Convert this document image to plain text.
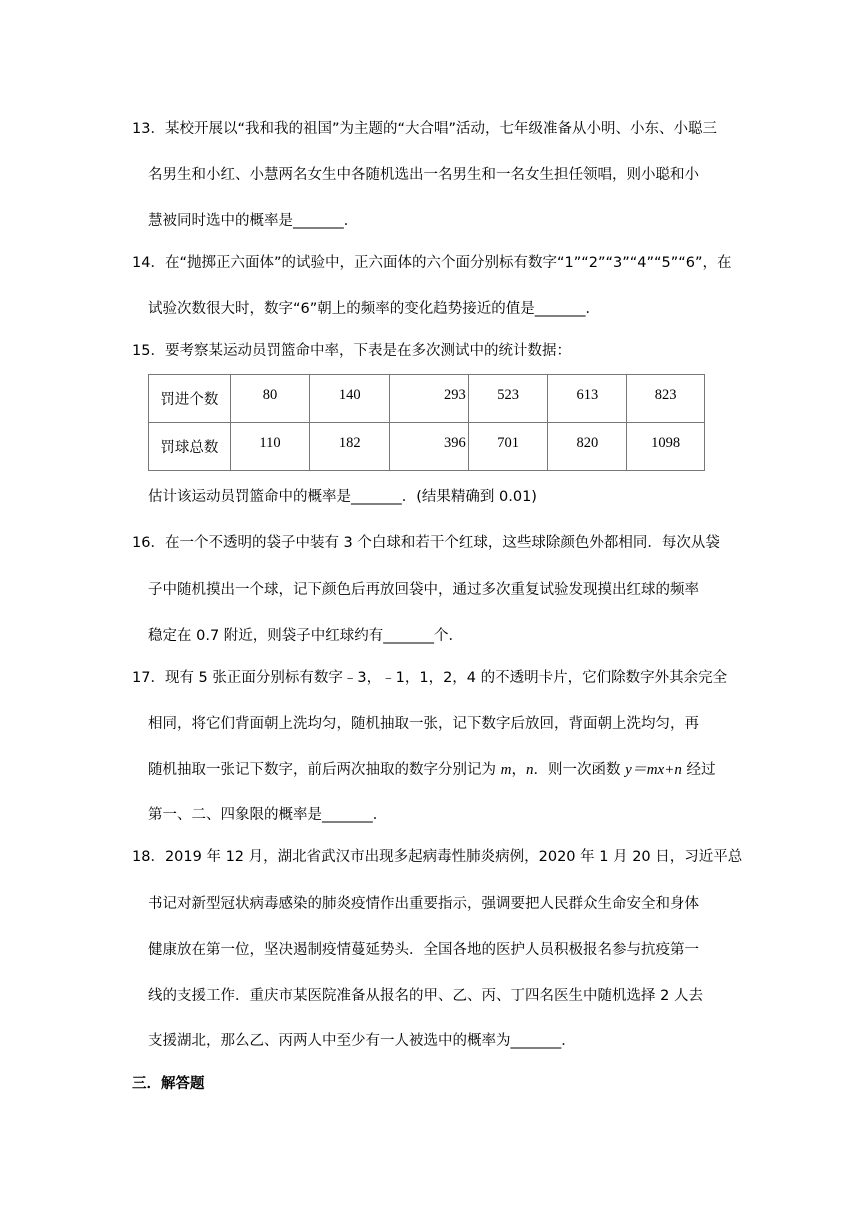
13．某校开展以“我和我的祖国”为主题的“大合唱”活动，七年级准备从小明、小东、小聪三
名男生和小红、小慧两名女生中各随机选出一名男生和一名女生担任领唱，则小聪和小
慧被同时选中的概率是_______．
14．在“抛掷正六面体”的试验中，正六面体的六个面分别标有数字“1”“2”“3”“4”“5”“6”，在
试验次数很大时，数字“6”朝上的频率的变化趋势接近的值是_______．
15．要考察某运动员罚篮命中率，下表是在多次测试中的统计数据：
罚进个数	80	140	293	523	613	823
罚球总数	110	182	396	701	820	1098
估计该运动员罚篮命中的概率是_______．(结果精确到 0.01)
16．在一个不透明的袋子中装有 3 个白球和若干个红球，这些球除颜色外都相同．每次从袋
子中随机摸出一个球，记下颜色后再放回袋中，通过多次重复试验发现摸出红球的频率
稳定在 0.7 附近，则袋子中红球约有_______个．
17．现有 5 张正面分别标有数字﹣3，﹣1，1，2，4 的不透明卡片，它们除数字外其余完全
相同，将它们背面朝上洗均匀，随机抽取一张，记下数字后放回，背面朝上洗均匀，再
随机抽取一张记下数字，前后两次抽取的数字分别记为 m，n．则一次函数 y＝mx+n 经过
第一、二、四象限的概率是_______．
18．2019 年 12 月，湖北省武汉市出现多起病毒性肺炎病例，2020 年 1 月 20 日，习近平总
书记对新型冠状病毒感染的肺炎疫情作出重要指示，强调要把人民群众生命安全和身体
健康放在第一位，坚决遏制疫情蔓延势头．全国各地的医护人员积极报名参与抗疫第一
线的支援工作．重庆市某医院准备从报名的甲、乙、丙、丁四名医生中随机选择 2 人去
支援湖北，那么乙、丙两人中至少有一人被选中的概率为_______．
三．解答题
